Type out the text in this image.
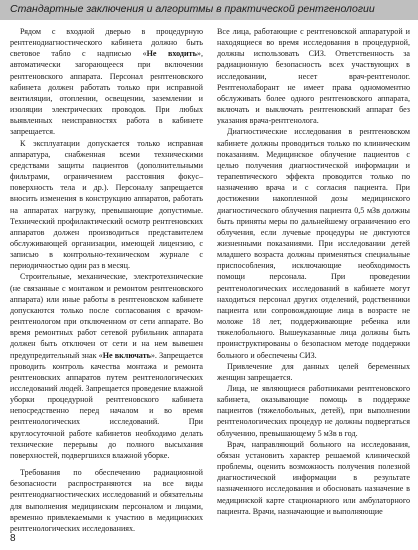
Стандартные заключения и алгоритмы в практической рентгенологии

Рядом с входной дверью в процедурную рентгенодиагностического кабинета должно быть световое табло с надписью «Не входить», автоматически загорающееся при включении рентгеновского аппарата. Персонал рентгеновского кабинета должен работать только при исправной вентиляции, отоплении, освещении, заземлении и изоляции электрических проводов. При любых выявленных неисправностях работа в кабинете запрещается.

К эксплуатации допускается только исправная аппаратура, снабженная всеми техническими средствами защиты пациентов (дополнительными фильтрами, ограничением расстояния фокус–поверхность тела и др.). Персоналу запрещается вносить изменения в конструкцию аппаратов, работать на аппаратах нагрузку, превышающие допустимые. Технический профилактический осмотр рентгеновских аппаратов должен производиться представителем обслуживающей организации, имеющей лицензию, с записью в контрольно-техническом журнале с периодичностью один раз в месяц.

Строительные, механические, электротехнические (не связанные с монтажом и ремонтом рентгеновского аппарата) или иные работы в рентгеновском кабинете допускаются только после согласования с врачом-рентгенологом при отключенном от сети аппарате. Во время ремонтных работ сетевой рубильник аппарата должен быть отключен от сети и на нем вывешен предупредительный знак «Не включать». Запрещается проводить контроль качества монтажа и ремонта рентгеновских аппаратов путем рентгенологических исследований людей. Запрещается проведение влажной уборки процедурной рентгеновского кабинета непосредственно перед началом и во время рентгенологических исследований. При круглосуточной работе кабинетов необходимо делать технические перерывы до полного высыхания поверхностей, подвергшихся влажной уборке.

Требования по обеспечению радиационной безопасности распространяются на все виды рентгенодиагностических исследований и обязательны для выполнения медицинским персоналом и лицами, временно привлекаемыми к участию в медицинских рентгенологических исследованиях.

Все лица, работающие с рентгеновской аппаратурой и находящиеся во время исследования в процедурной, должны использовать СИЗ. Ответственность за радиационную безопасность всех участвующих в исследовании, несет врач-рентгенолог. Рентгенолаборант не имеет права одномоментно обслуживать более одного рентгеновского аппарата, включать и выключать рентгеновский аппарат без указания врача-рентгенолога.

Диагностические исследования в рентгеновском кабинете должны проводиться только по клиническим показаниям. Медицинское облучение пациентов с целью получения диагностической информации и терапевтического эффекта проводится только по назначению врача и с согласия пациента. При достижении накопленной дозы медицинского диагностического облучения пациента 0,5 мЗв должны быть приняты меры по дальнейшему ограничению его облучения, если лучевые процедуры не диктуются жизненными показаниями. При исследовании детей младшего возраста должны применяться специальные приспособления, исключающие необходимость помощи персонала. При проведении рентгенологических исследований в кабинете могут находиться персонал других отделений, родственники пациента или сопровождающие лица в возрасте не моложе 18 лет, поддерживающие ребенка или тяжелобольного. Вышеуказанные лица должны быть проинструктированы о безопасном методе поддержки больного и обеспечены СИЗ.

Привлечение для данных целей беременных женщин запрещается.

Лица, не являющиеся работниками рентгеновского кабинета, оказывающие помощь в поддержке пациентов (тяжелобольных, детей), при выполнении рентгенологических процедур не должны подвергаться облучению, превышающему 5 мЗв в год.

Врач, направляющий больного на исследования, обязан установить характер решаемой клинической проблемы, оценить возможность получения полезной диагностической информации в результате назначенного исследования и обосновать назначение в медицинской карте стационарного или амбулаторного пациента. Врачи, назначающие и выполняющие

8
